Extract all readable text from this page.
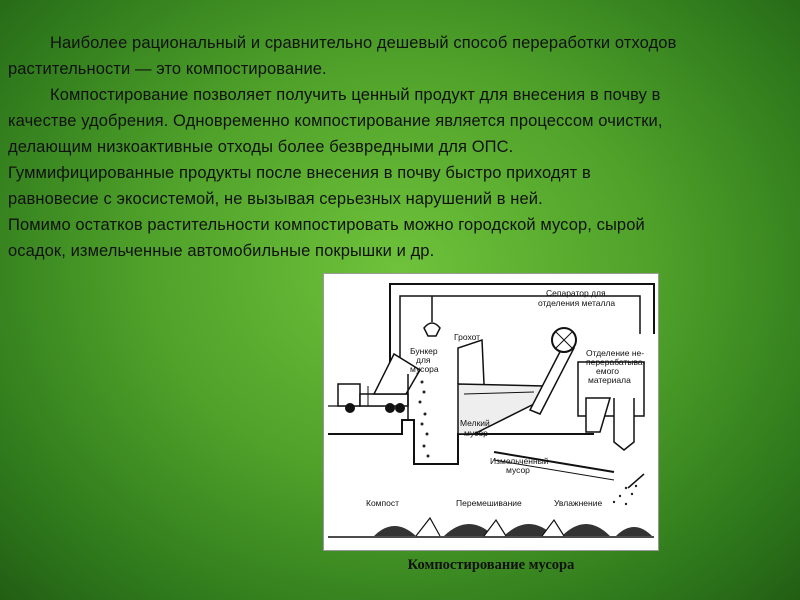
Наиболее рациональный и сравнительно дешевый способ переработки отходов

растительности — это компостирование.

Компостирование позволяет получить ценный продукт для внесения в почву в

качестве удобрения. Одновременно компостирование является процессом очистки,

делающим низкоактивные отходы более безвредными для ОПС.

Гуммифицированные продукты после внесения в почву быстро приходят в

равновесие с экосистемой, не вызывая серьезных нарушений в ней.

Помимо остатков растительности компостировать можно городской мусор, сырой

осадок, измельченные автомобильные покрышки и др.

Сепаратор для
отделения металла
Грохот
Бункер
для
мусора
Отделение не-
перерабатыва-
емого
материала
Мелкий
мусор
Измельченный
мусор
Компост	Перемешивание	Увлажнение
Компостирование мусора
